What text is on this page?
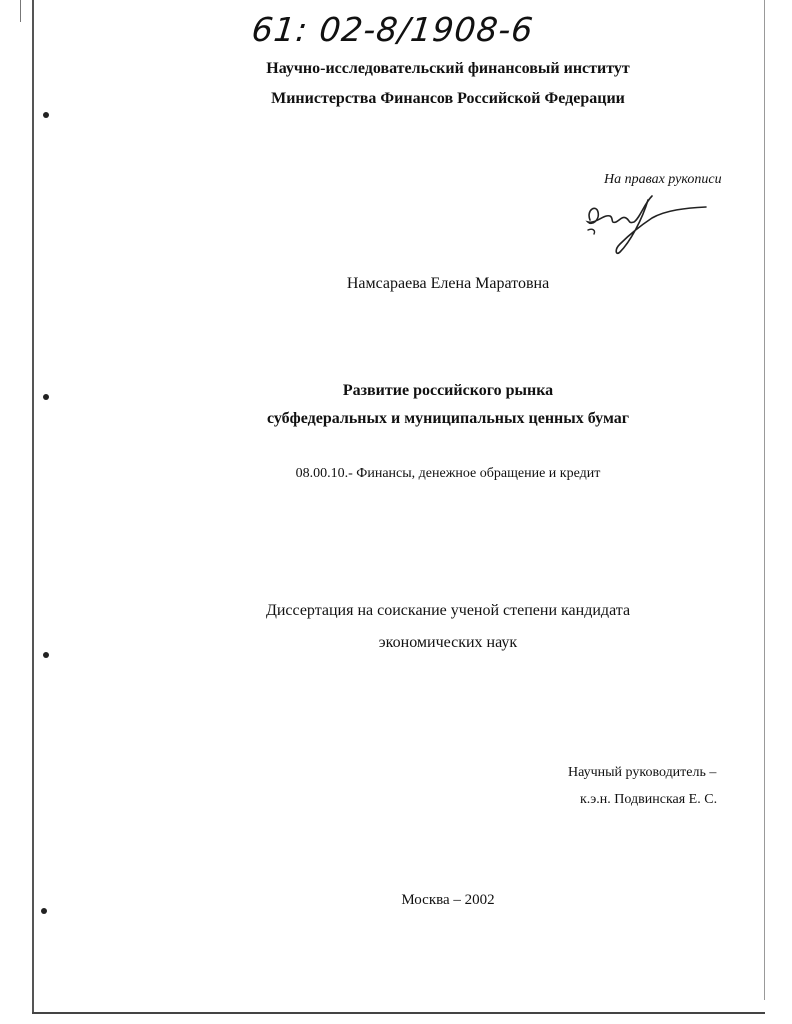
61: 02-8/1908-6
Научно-исследовательский финансовый институт
Министерства Финансов Российской Федерации
На правах рукописи
Намсараева Елена Маратовна
Развитие российского рынка
субфедеральных и муниципальных ценных бумаг
08.00.10.- Финансы, денежное обращение и кредит
Диссертация на соискание ученой степени кандидата
экономических наук
Научный руководитель –
к.э.н. Подвинская Е. С.
Москва – 2002
